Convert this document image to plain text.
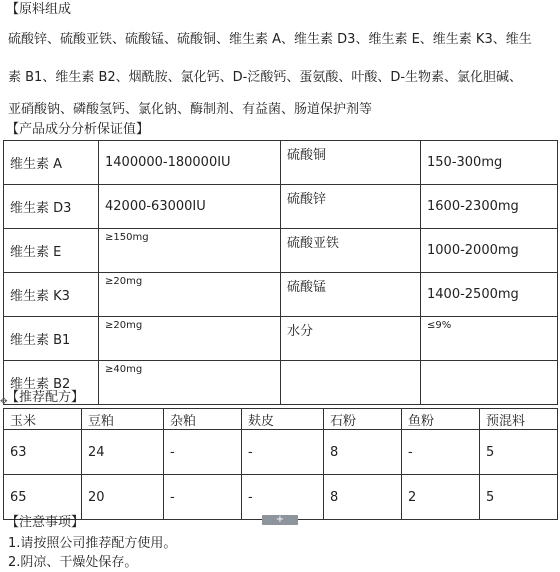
【原料组成
硫酸锌、硫酸亚铁、硫酸锰、硫酸铜、维生素 A、维生素 D3、维生素 E、维生素 K3、维生
素 B1、维生素 B2、烟酰胺、氯化钙、D-泛酸钙、蛋氨酸、叶酸、D-生物素、氯化胆碱、
亚硝酸钠、磷酸氢钙、氯化钠、酶制剂、有益菌、肠道保护剂等
【产品成分分析保证值】
维生素 A	1400000-180000IU	硫酸铜	150-300mg
维生素 D3	42000-63000IU	硫酸锌	1600-2300mg
维生素 E	≥150mg	硫酸亚铁	1000-2000mg
维生素 K3	≥20mg	硫酸锰	1400-2500mg
维生素 B1	≥20mg	水分	≤9%
维生素 B2	≥40mg		
✥
【推荐配方】
玉米	豆粕	杂粕	麸皮	石粉	鱼粉	预混料
63	24	-	-	8	-	5
65	20	-	-	8	2	5
【注意事项】	+
1.请按照公司推荐配方使用。
2.阴凉、干燥处保存。
